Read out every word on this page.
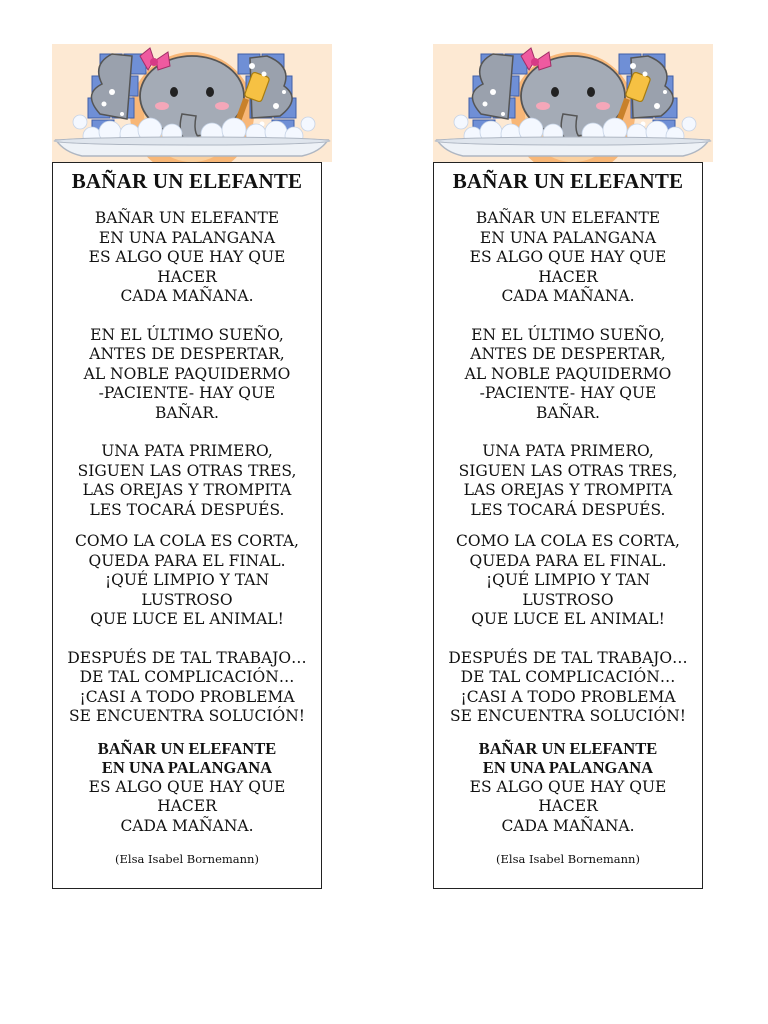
BAÑAR UN ELEFANTE

BAÑAR UN ELEFANTE
EN UNA PALANGANA
ES ALGO QUE HAY QUE
HACER
CADA MAÑANA.

EN EL ÚLTIMO SUEÑO,
ANTES DE DESPERTAR,
AL NOBLE PAQUIDERMO
-PACIENTE- HAY QUE
BAÑAR.

UNA PATA PRIMERO,
SIGUEN LAS OTRAS TRES,
LAS OREJAS Y TROMPITA
LES TOCARÁ DESPUÉS.

COMO LA COLA ES CORTA,
QUEDA PARA EL FINAL.
¡QUÉ LIMPIO Y TAN
LUSTROSO
QUE LUCE EL ANIMAL!

DESPUÉS DE TAL TRABAJO…
DE TAL COMPLICACIÓN…
¡CASI A TODO PROBLEMA
SE ENCUENTRA SOLUCIÓN!

BAÑAR UN ELEFANTE
EN UNA PALANGANA
ES ALGO QUE HAY QUE
HACER
CADA MAÑANA.

(Elsa Isabel Bornemann)
BAÑAR UN ELEFANTE

BAÑAR UN ELEFANTE
EN UNA PALANGANA
ES ALGO QUE HAY QUE
HACER
CADA MAÑANA.

EN EL ÚLTIMO SUEÑO,
ANTES DE DESPERTAR,
AL NOBLE PAQUIDERMO
-PACIENTE- HAY QUE
BAÑAR.

UNA PATA PRIMERO,
SIGUEN LAS OTRAS TRES,
LAS OREJAS Y TROMPITA
LES TOCARÁ DESPUÉS.

COMO LA COLA ES CORTA,
QUEDA PARA EL FINAL.
¡QUÉ LIMPIO Y TAN
LUSTROSO
QUE LUCE EL ANIMAL!

DESPUÉS DE TAL TRABAJO…
DE TAL COMPLICACIÓN…
¡CASI A TODO PROBLEMA
SE ENCUENTRA SOLUCIÓN!

BAÑAR UN ELEFANTE
EN UNA PALANGANA
ES ALGO QUE HAY QUE
HACER
CADA MAÑANA.

(Elsa Isabel Bornemann)
